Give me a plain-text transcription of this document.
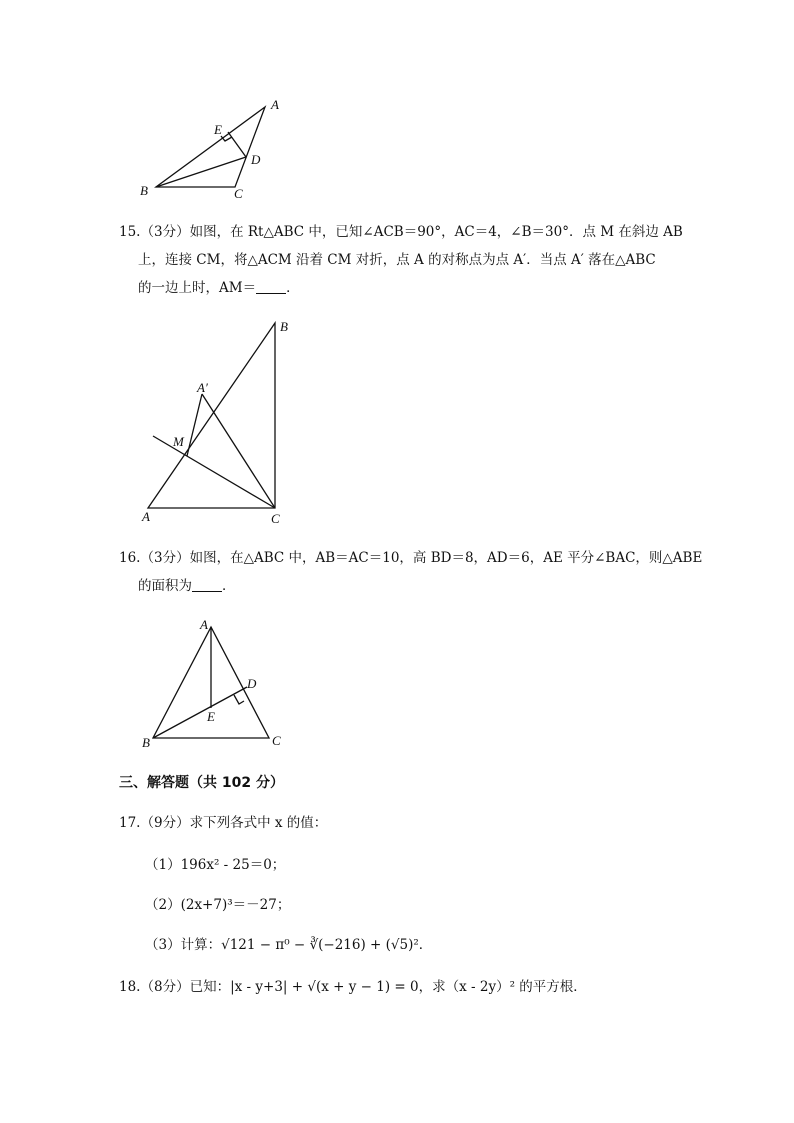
A
B	C
D
E
15.（3分）如图，在 Rt△ABC 中，已知∠ACB＝90°，AC＝4，∠B＝30°．点 M 在斜边 AB
上，连接 CM，将△ACM 沿着 CM 对折，点 A 的对称点为点 A′．当点 A′ 落在△ABC
的一边上时，AM＝ ．
B
A	C
A′
M
16.（3分）如图，在△ABC 中，AB＝AC＝10，高 BD＝8，AD＝6，AE 平分∠BAC，则△ABE
的面积为 ．
A
B	C
D
E
三、解答题（共 102 分）
17.（9分）求下列各式中 x 的值：
（1）196x² - 25＝0；
（2）(2x+7)³＝－27；
（3）计算：√121 − π⁰ − ∛(−216) + (√5)²．
18.（8分）已知：|x - y+3| + √(x + y − 1) = 0，求（x - 2y）² 的平方根．
